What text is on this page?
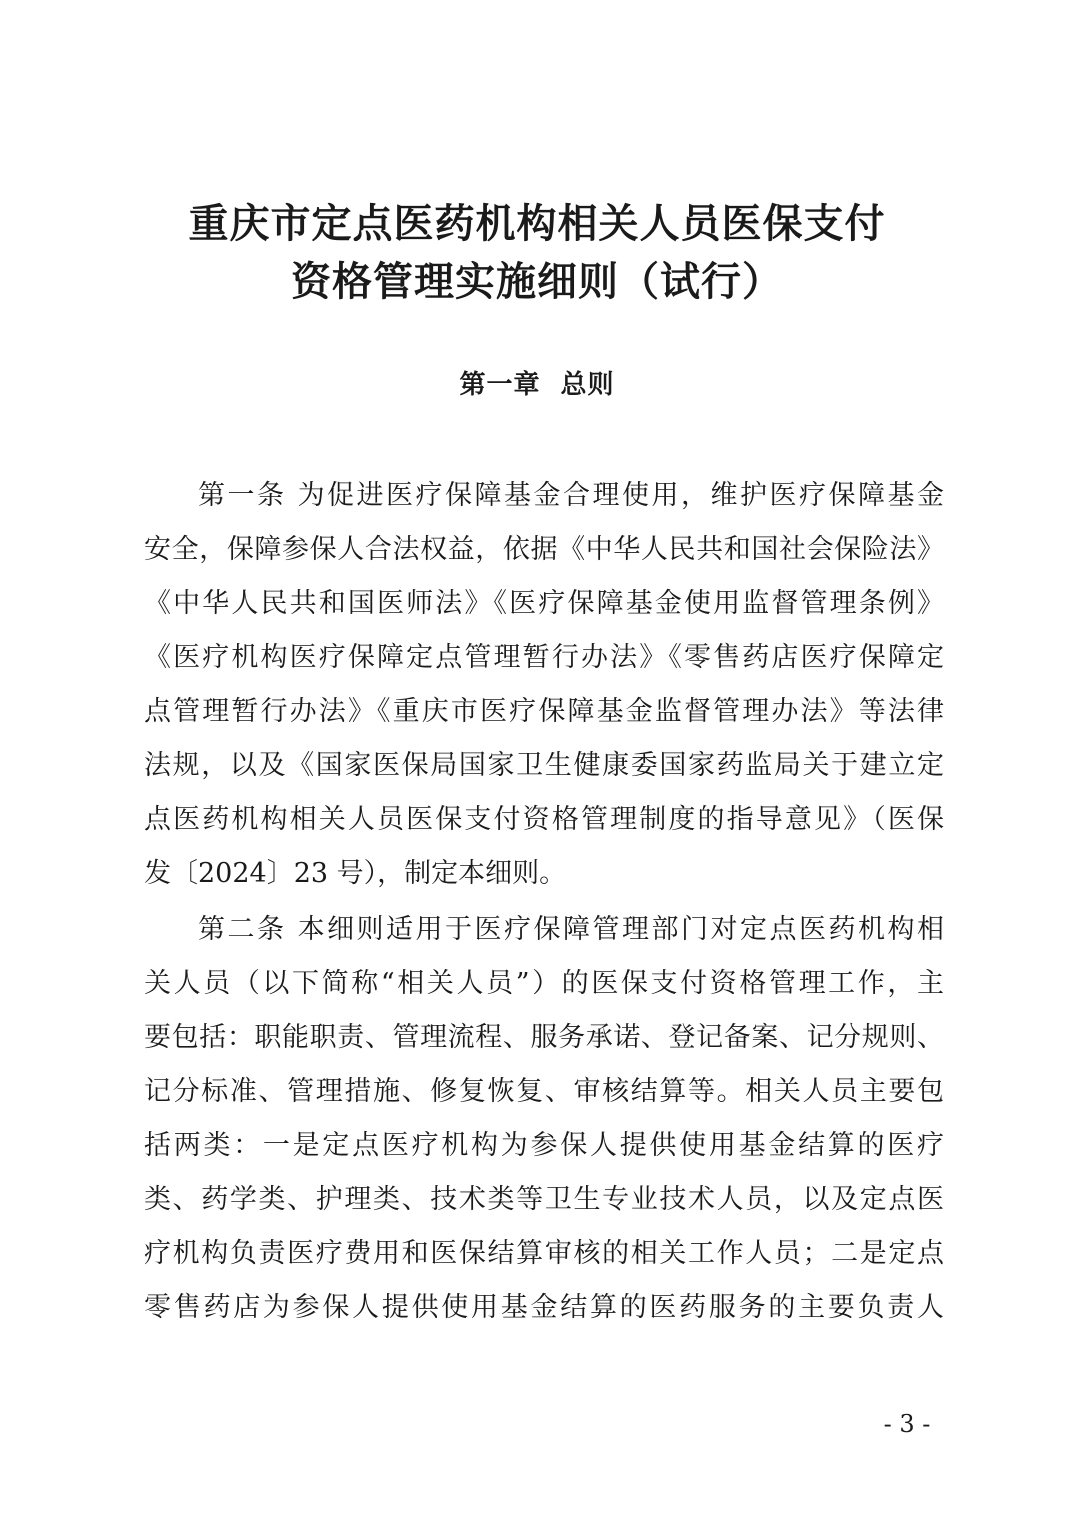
重庆市定点医药机构相关人员医保支付
资格管理实施细则（试行）
第一章  总则
第一条 为促进医疗保障基金合理使用，维护医疗保障基金
安全，保障参保人合法权益，依据《中华人民共和国社会保险法》
《中华人民共和国医师法》《医疗保障基金使用监督管理条例》
《医疗机构医疗保障定点管理暂行办法》《零售药店医疗保障定
点管理暂行办法》《重庆市医疗保障基金监督管理办法》等法律
法规，以及《国家医保局国家卫生健康委国家药监局关于建立定
点医药机构相关人员医保支付资格管理制度的指导意见》（医保
发〔2024〕23 号），制定本细则。
第二条 本细则适用于医疗保障管理部门对定点医药机构相
关人员（以下简称“相关人员”）的医保支付资格管理工作，主
要包括：职能职责、管理流程、服务承诺、登记备案、记分规则、
记分标准、管理措施、修复恢复、审核结算等。相关人员主要包
括两类：一是定点医疗机构为参保人提供使用基金结算的医疗
类、药学类、护理类、技术类等卫生专业技术人员，以及定点医
疗机构负责医疗费用和医保结算审核的相关工作人员；二是定点
零售药店为参保人提供使用基金结算的医药服务的主要负责人
- 3 -
